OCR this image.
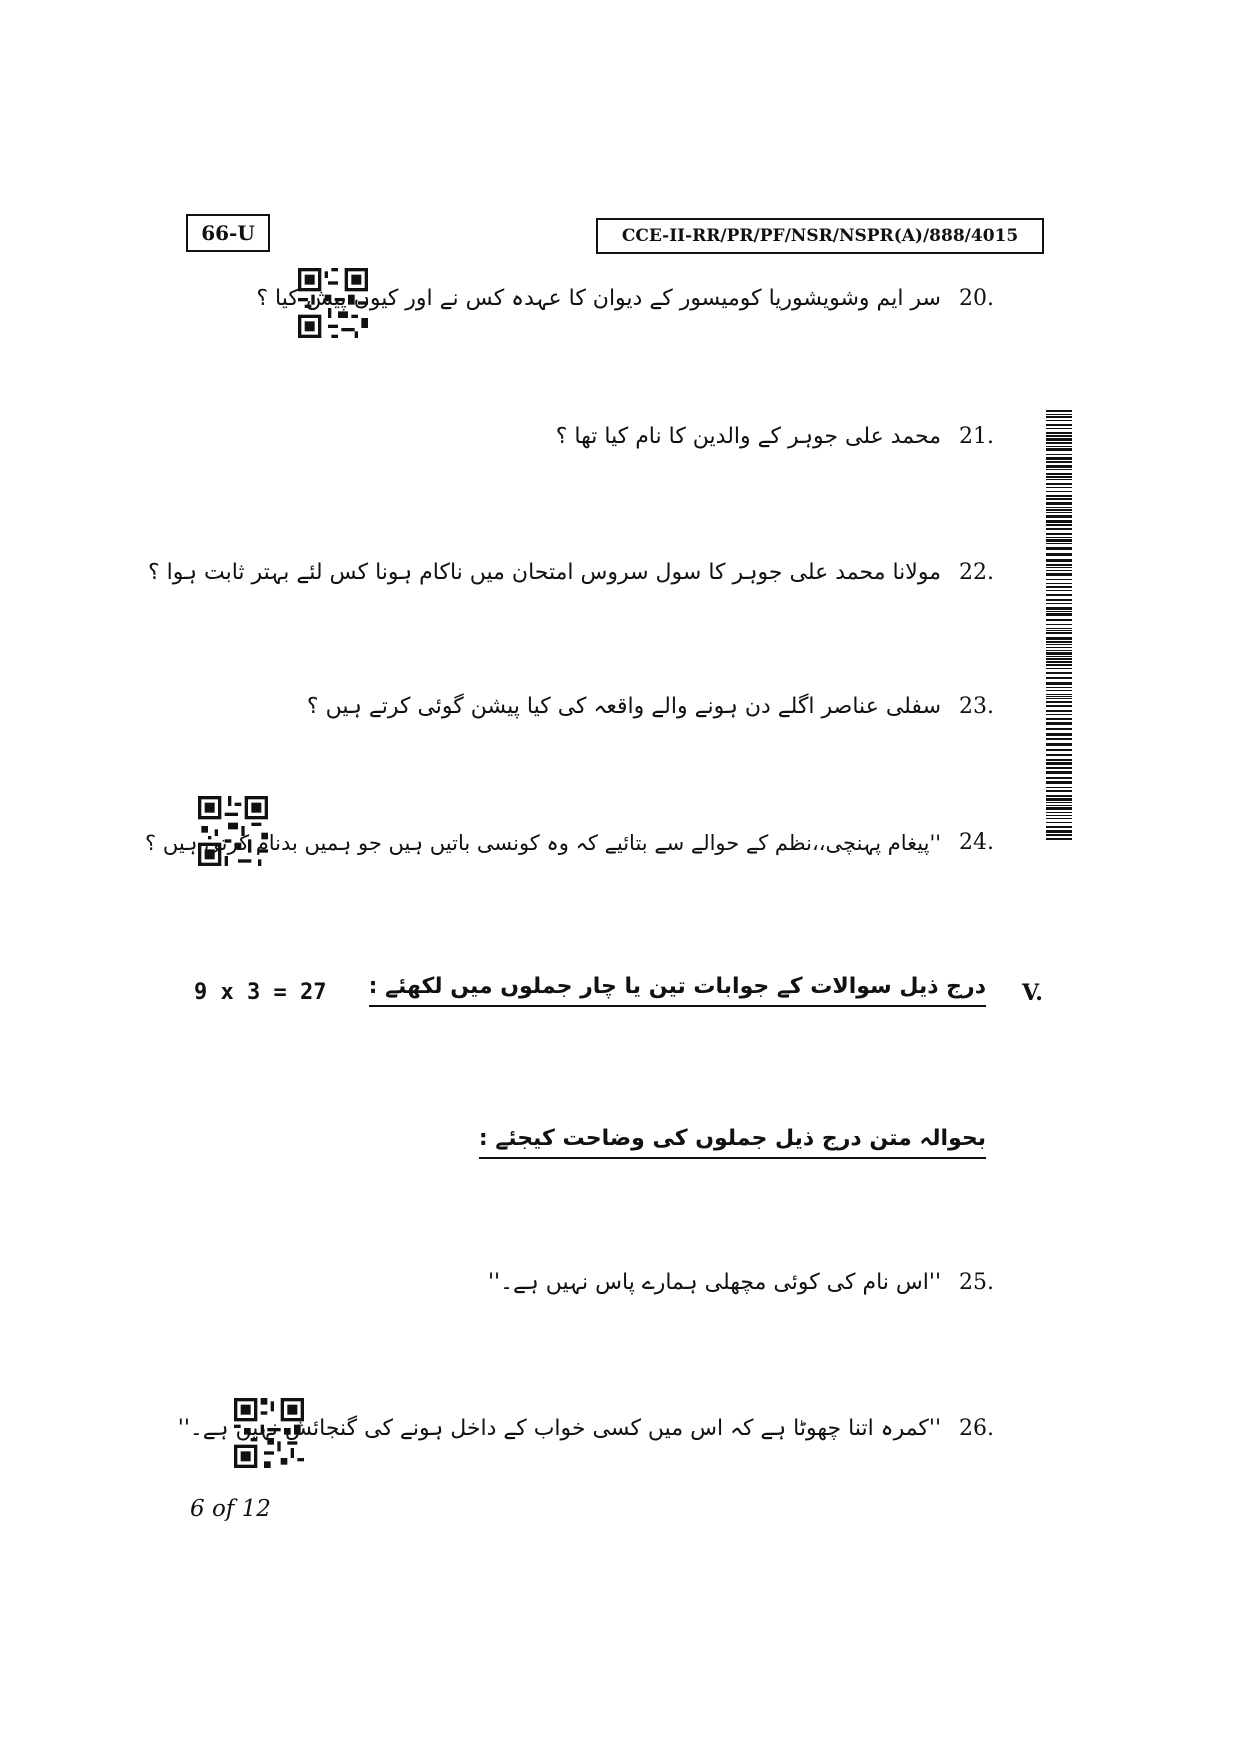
66-U	CCE-II-RR/PR/PF/NSR/NSPR(A)/888/4015
20.
سر ایم وشویشوریا کومیسور کے دیوان کا عہدہ کس نے اور کیوں پیش کیا ؟
21.
محمد علی جوہر کے والدین کا نام کیا تھا ؟
22.
مولانا محمد علی جوہر کا سول سروس امتحان میں ناکام ہونا کس لئے بہتر ثابت ہوا ؟
23.
سفلی عناصر اگلے دن ہونے والے واقعہ کی کیا پیشن گوئی کرتے ہیں ؟
24.
''پیغام پہنچی،،نظم کے حوالے سے بتائیے کہ وہ کونسی باتیں ہیں جو ہمیں بدنام کرتی ہیں ؟
9 x 3 = 27	V.
درج ذیل سوالات کے جوابات تین یا چار جملوں میں لکھئے :
بحوالہ متن درج ذیل جملوں کی وضاحت کیجئے :
25.
''اس نام کی کوئی مچھلی ہمارے پاس نہیں ہے۔''
26.
''کمرہ اتنا چھوٹا ہے کہ اس میں کسی خواب کے داخل ہونے کی گنجائش نہیں ہے۔''
6 of 12
